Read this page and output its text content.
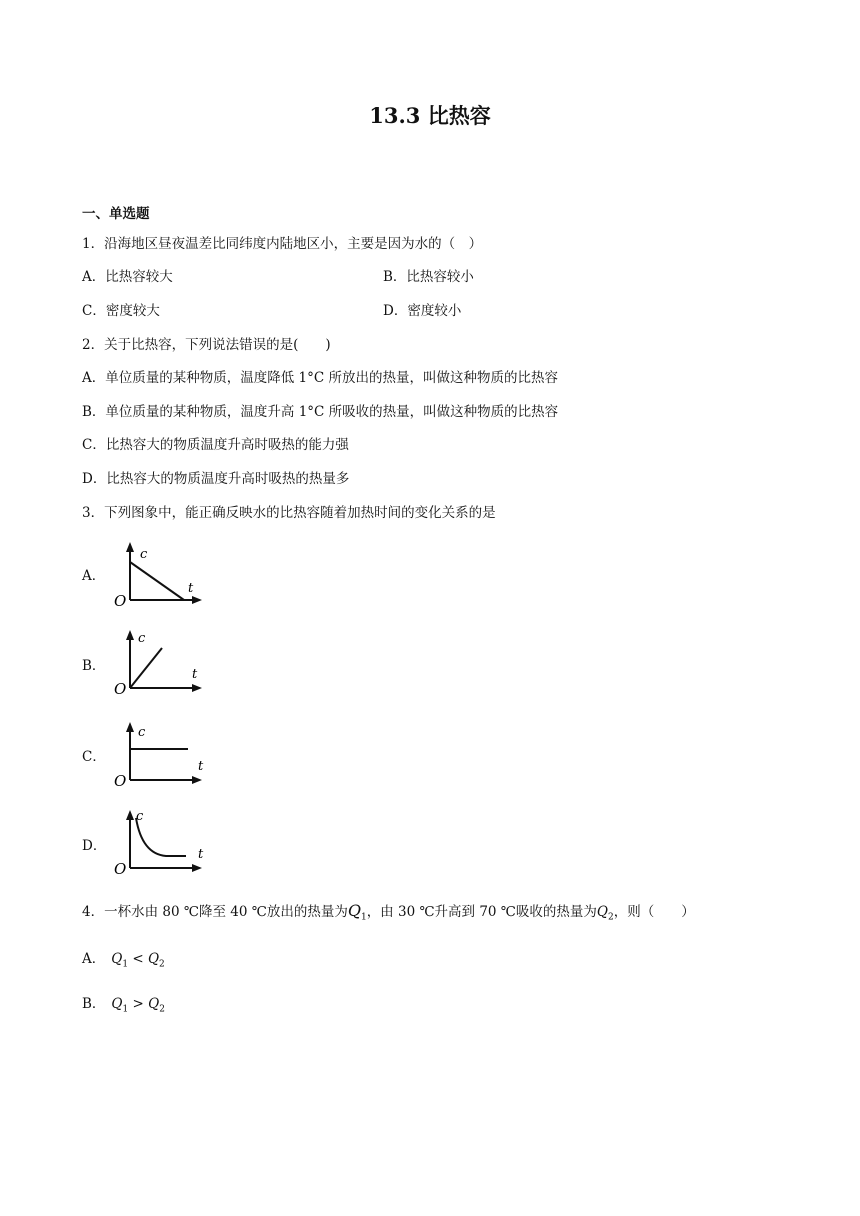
13.3 比热容
一、单选题
1．沿海地区昼夜温差比同纬度内陆地区小，主要是因为水的（　）
A．比热容较大	B．比热容较小
C．密度较大	D．密度较小
2．关于比热容，下列说法错误的是(　　)
A．单位质量的某种物质，温度降低 1°C 所放出的热量，叫做这种物质的比热容
B．单位质量的某种物质，温度升高 1°C 所吸收的热量，叫做这种物质的比热容
C．比热容大的物质温度升高时吸热的能力强
D．比热容大的物质温度升高时吸热的热量多
3．下列图象中，能正确反映水的比热容随着加热时间的变化关系的是
A．
c
t
O
B．
c
t
O
C．
c
t
O
D．
c
t
O
4．一杯水由 80 ℃降至 40 ℃放出的热量为$Q_1$，由 30 ℃升高到 70 ℃吸收的热量为$Q_2$，则（　　）
A． $Q_1 < Q_2$
B． $Q_1 > Q_2$
